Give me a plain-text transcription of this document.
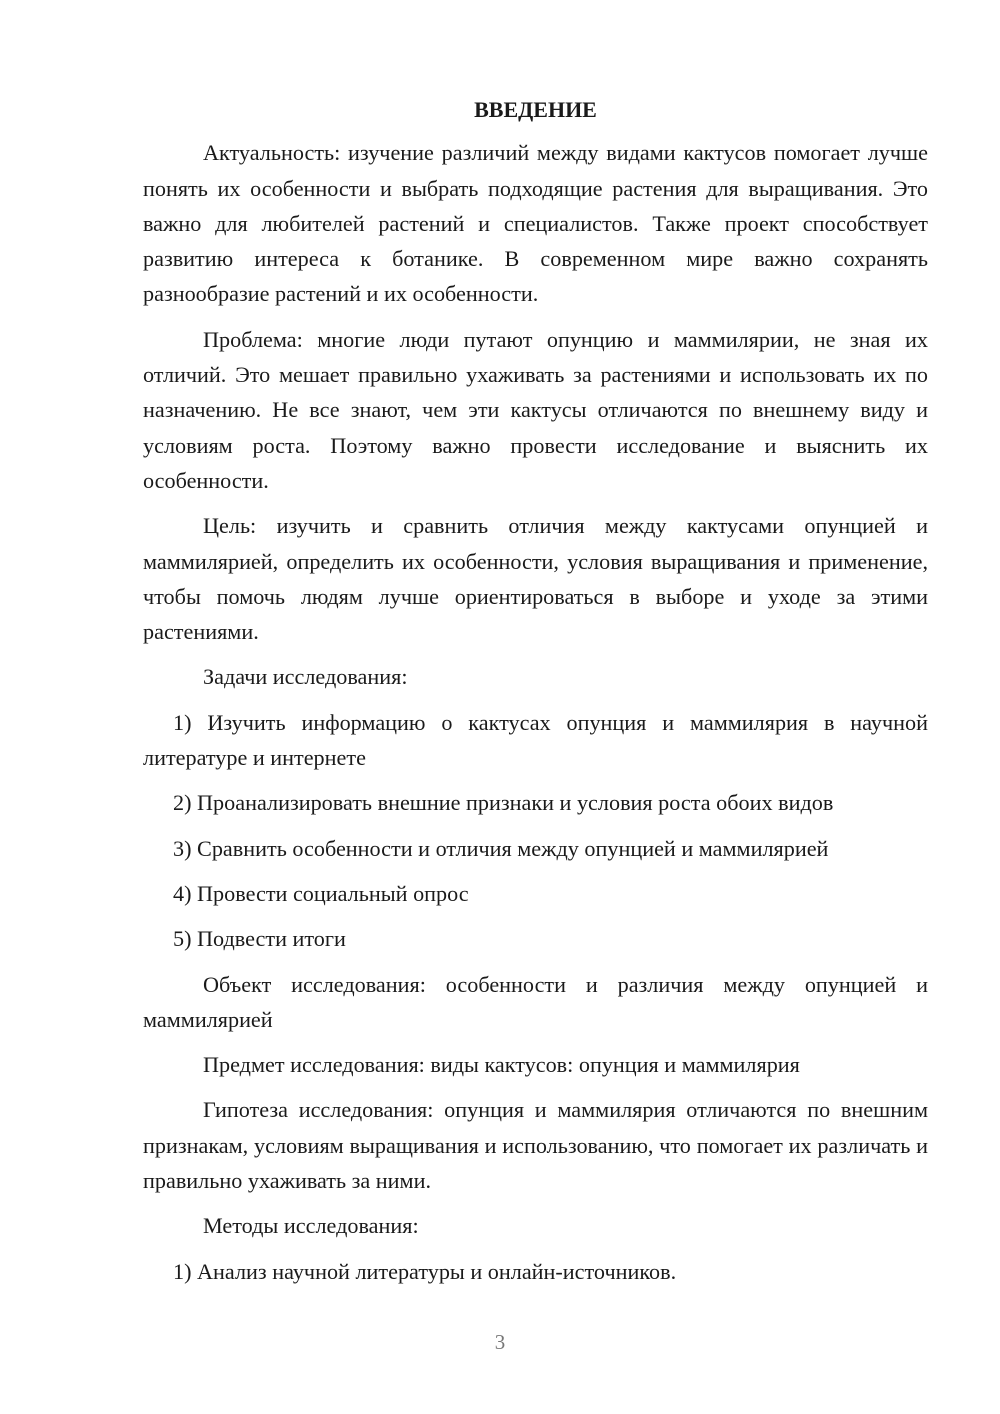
ВВЕДЕНИЕ

Актуальность: изучение различий между видами кактусов помогает лучше понять их особенности и выбрать подходящие растения для выращивания. Это важно для любителей растений и специалистов. Также проект способствует развитию интереса к ботанике. В современном мире важно сохранять разнообразие растений и их особенности.

Проблема: многие люди путают опунцию и маммилярии, не зная их отличий. Это мешает правильно ухаживать за растениями и использовать их по назначению. Не все знают, чем эти кактусы отличаются по внешнему виду и условиям роста. Поэтому важно провести исследование и выяснить их особенности.

Цель: изучить и сравнить отличия между кактусами опунцией и маммилярией, определить их особенности, условия выращивания и применение, чтобы помочь людям лучше ориентироваться в выборе и уходе за этими растениями.

Задачи исследования:

1) Изучить информацию о кактусах опунция и маммилярия в научной литературе и интернете
2) Проанализировать внешние признаки и условия роста обоих видов
3) Сравнить особенности и отличия между опунцией и маммилярией
4) Провести социальный опрос
5) Подвести итоги

Объект исследования: особенности и различия между опунцией и маммилярией

Предмет исследования: виды кактусов: опунция и маммилярия

Гипотеза исследования: опунция и маммилярия отличаются по внешним признакам, условиям выращивания и использованию, что помогает их различать и правильно ухаживать за ними.

Методы исследования:

1) Анализ научной литературы и онлайн-источников.
3
